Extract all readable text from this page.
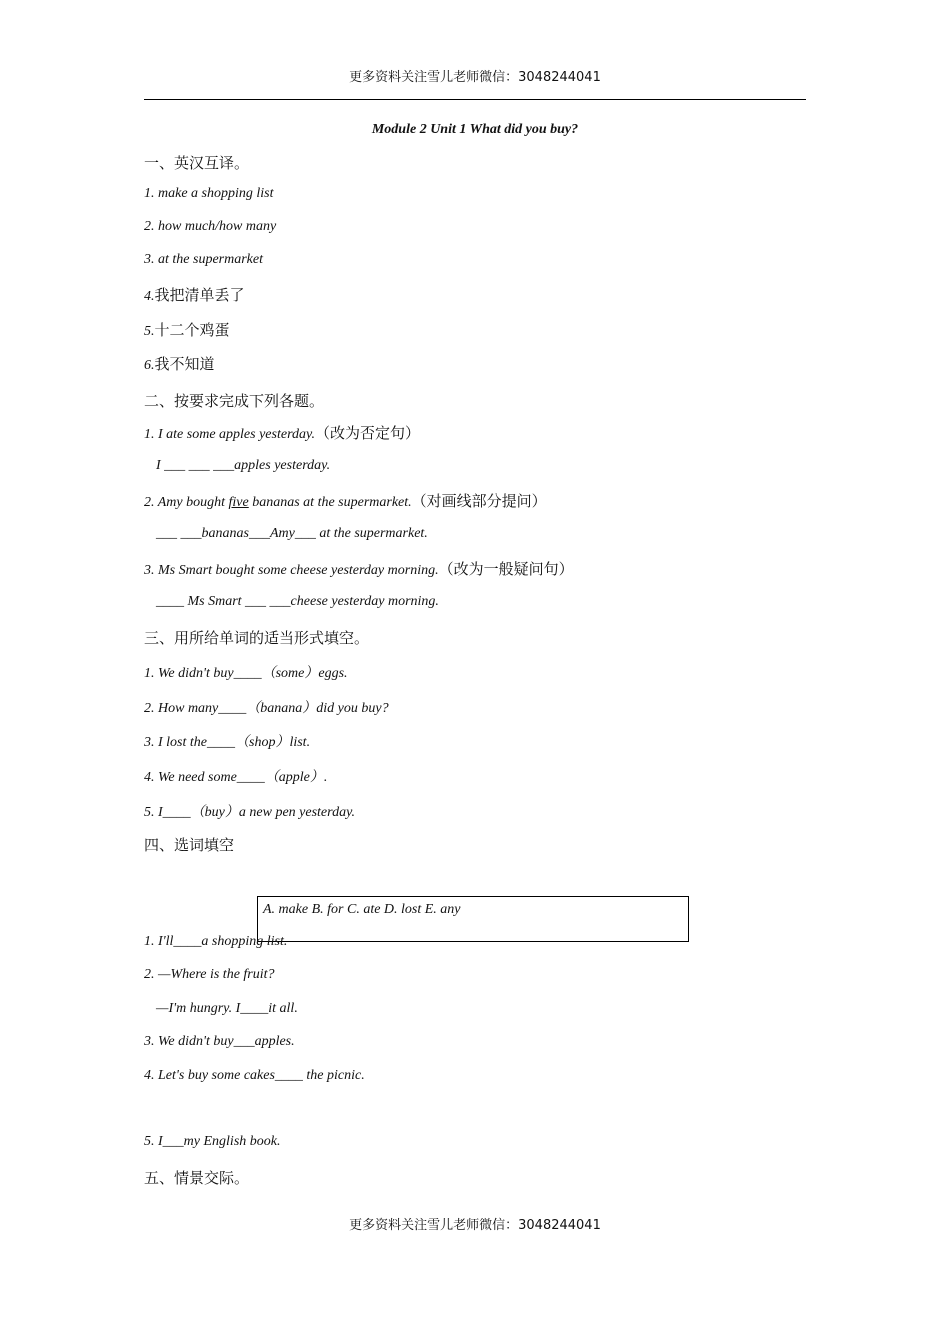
更多资料关注雪儿老师微信：3048244041
Module 2 Unit 1 What did you buy?
一、英汉互译。
1. make a shopping list
2. how much/how many
3. at the supermarket
4.我把清单丢了
5.十二个鸡蛋
6.我不知道
二、按要求完成下列各题。
1. I ate some apples yesterday.（改为否定句）
I ___ ___ ___apples yesterday.
2. Amy bought five bananas at the supermarket.（对画线部分提问）
___ ___bananas___Amy___ at the supermarket.
3. Ms Smart bought some cheese yesterday morning.（改为一般疑问句）
____ Ms Smart ___ ___cheese yesterday morning.
三、用所给单词的适当形式填空。
1. We didn't buy____（some）eggs.
2. How many____（banana）did you buy?
3. I lost the____（shop）list.
4. We need some____（apple）.
5. I____（buy）a new pen yesterday.
四、选词填空
A. make B. for C. ate D. lost E. any
1. I'll____a shopping list.
2. —Where is the fruit?
—I'm hungry. I____it all.
3. We didn't buy___apples.
4. Let's buy some cakes____ the picnic.
5. I___my English book.
五、情景交际。
更多资料关注雪儿老师微信：3048244041
